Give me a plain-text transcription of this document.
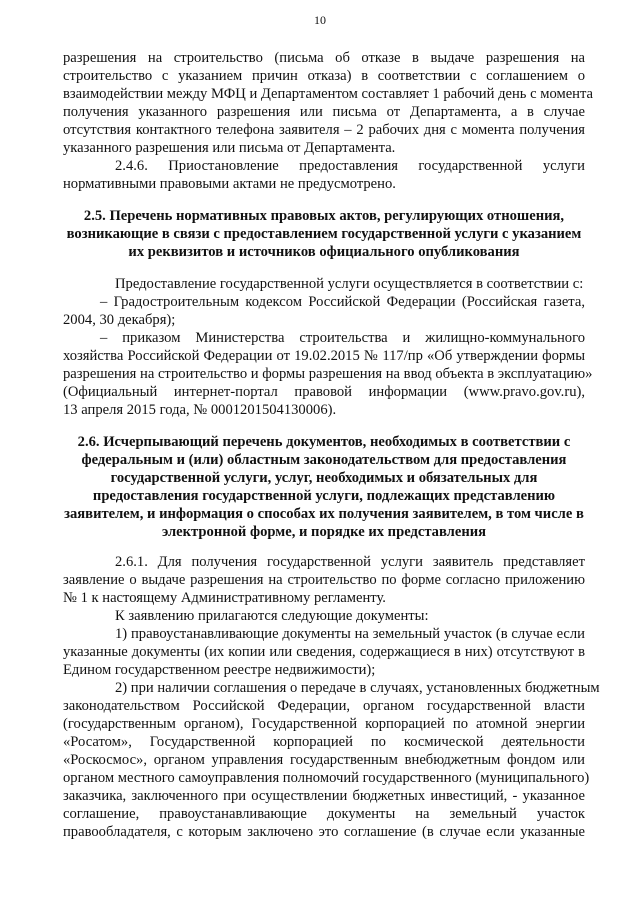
10
разрешения на строительство (письма об отказе в выдаче разрешения на
строительство с указанием причин отказа) в соответствии с соглашением о
взаимодействии между МФЦ и Департаментом составляет 1 рабочий день с момента
получения указанного разрешения или письма от Департамента, а в случае
отсутствия контактного телефона заявителя – 2 рабочих дня с момента получения
указанного разрешения или письма от Департамента.
2.4.6. Приостановление предоставления государственной услуги
нормативными правовыми актами не предусмотрено.
2.5. Перечень нормативных правовых актов, регулирующих отношения,
возникающие в связи с предоставлением государственной услуги с указанием
их реквизитов и источников официального опубликования
Предоставление государственной услуги осуществляется в соответствии с:
– Градостроительным кодексом Российской Федерации (Российская газета,
2004, 30 декабря);
– приказом Министерства строительства и жилищно-коммунального
хозяйства Российской Федерации от 19.02.2015 № 117/пр «Об утверждении формы
разрешения на строительство и формы разрешения на ввод объекта в эксплуатацию»
(Официальный интернет-портал правовой информации (www.pravo.gov.ru),
13 апреля 2015 года, № 0001201504130006).
2.6. Исчерпывающий перечень документов, необходимых в соответствии с
федеральным и (или) областным законодательством для предоставления
государственной услуги, услуг, необходимых и обязательных для
предоставления государственной услуги, подлежащих представлению
заявителем, и информация о способах их получения заявителем, в том числе в
электронной форме, и порядке их представления
2.6.1. Для получения государственной услуги заявитель представляет
заявление о выдаче разрешения на строительство по форме согласно приложению
№ 1 к настоящему Административному регламенту.
К заявлению прилагаются следующие документы:
1) правоустанавливающие документы на земельный участок (в случае если
указанные документы (их копии или сведения, содержащиеся в них) отсутствуют в
Едином государственном реестре недвижимости);
2) при наличии соглашения о передаче в случаях, установленных бюджетным
законодательством Российской Федерации, органом государственной власти
(государственным органом), Государственной корпорацией по атомной энергии
«Росатом», Государственной корпорацией по космической деятельности
«Роскосмос», органом управления государственным внебюджетным фондом или
органом местного самоуправления полномочий государственного (муниципального)
заказчика, заключенного при осуществлении бюджетных инвестиций, - указанное
соглашение, правоустанавливающие документы на земельный участок
правообладателя, с которым заключено это соглашение (в случае если указанные
